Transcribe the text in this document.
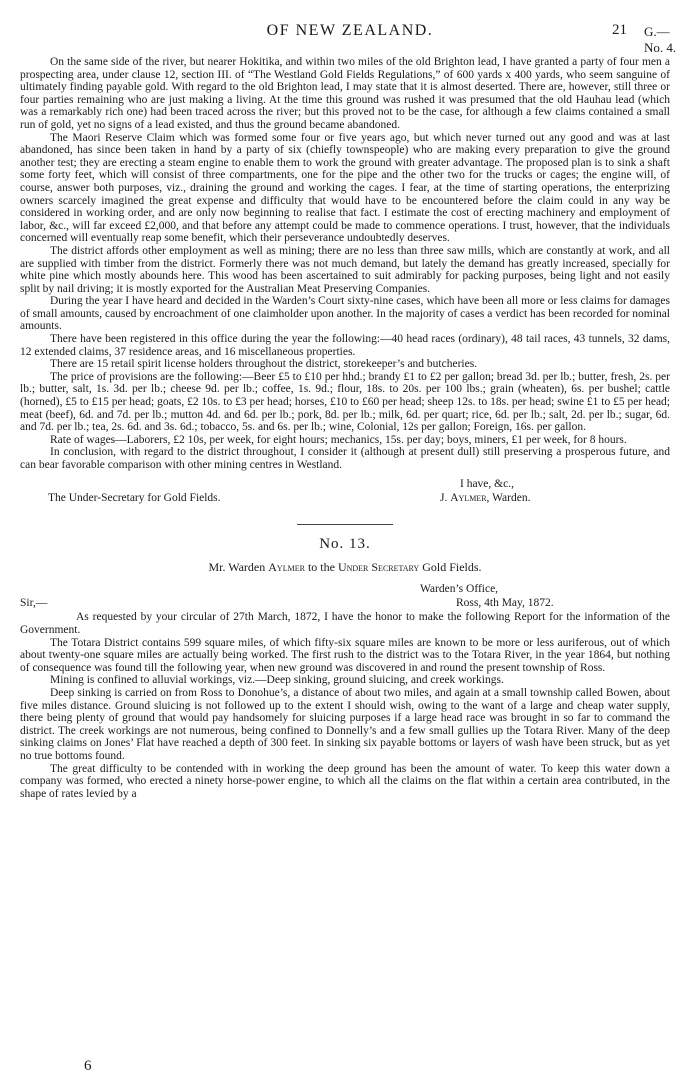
OF NEW ZEALAND.	21 G.—No. 4.

On the same side of the river, but nearer Hokitika, and within two miles of the old Brighton lead, I have granted a party of four men a prospecting area, under clause 12, section III. of “The Westland Gold Fields Regulations,” of 600 yards x 400 yards, who seem sanguine of ultimately finding payable gold. With regard to the old Brighton lead, I may state that it is almost deserted. There are, however, still three or four parties remaining who are just making a living. At the time this ground was rushed it was presumed that the old Hauhau lead (which was a remarkably rich one) had been traced across the river; but this proved not to be the case, for although a few claims contained a small run of gold, yet no signs of a lead existed, and thus the ground became abandoned.

The Maori Reserve Claim which was formed some four or five years ago, but which never turned out any good and was at last abandoned, has since been taken in hand by a party of six (chiefly townspeople) who are making every preparation to give the ground another test; they are erecting a steam engine to enable them to work the ground with greater advantage. The proposed plan is to sink a shaft some forty feet, which will consist of three compartments, one for the pipe and the other two for the trucks or cages; the engine will, of course, answer both purposes, viz., draining the ground and working the cages. I fear, at the time of starting operations, the enterprizing owners scarcely imagined the great expense and difficulty that would have to be encountered before the claim could in any way be considered in working order, and are only now beginning to realise that fact. I estimate the cost of erecting machinery and employment of labor, &c., will far exceed £2,000, and that before any attempt could be made to commence operations. I trust, however, that the individuals concerned will eventually reap some benefit, which their perseverance undoubtedly deserves.

The district affords other employment as well as mining; there are no less than three saw mills, which are constantly at work, and all are supplied with timber from the district. Formerly there was not much demand, but lately the demand has greatly increased, specially for white pine which mostly abounds here. This wood has been ascertained to suit admirably for packing purposes, being light and not easily split by nail driving; it is mostly exported for the Australian Meat Preserving Companies.

During the year I have heard and decided in the Warden’s Court sixty-nine cases, which have been all more or less claims for damages of small amounts, caused by encroachment of one claimholder upon another. In the majority of cases a verdict has been recorded for nominal amounts.

There have been registered in this office during the year the following:—40 head races (ordinary), 48 tail races, 43 tunnels, 32 dams, 12 extended claims, 37 residence areas, and 16 miscellaneous properties.

There are 15 retail spirit license holders throughout the district, storekeeper’s and butcheries.

The price of provisions are the following:—Beer £5 to £10 per hhd.; brandy £1 to £2 per gallon; bread 3d. per lb.; butter, fresh, 2s. per lb.; butter, salt, 1s. 3d. per lb.; cheese 9d. per lb.; coffee, 1s. 9d.; flour, 18s. to 20s. per 100 lbs.; grain (wheaten), 6s. per bushel; cattle (horned), £5 to £15 per head; goats, £2 10s. to £3 per head; horses, £10 to £60 per head; sheep 12s. to 18s. per head; swine £1 to £5 per head; meat (beef), 6d. and 7d. per lb.; mutton 4d. and 6d. per lb.; pork, 8d. per lb.; milk, 6d. per quart; rice, 6d. per lb.; salt, 2d. per lb.; sugar, 6d. and 7d. per lb.; tea, 2s. 6d. and 3s. 6d.; tobacco, 5s. and 6s. per lb.; wine, Colonial, 12s per gallon; Foreign, 16s. per gallon.

Rate of wages—Laborers, £2 10s, per week, for eight hours; mechanics, 15s. per day; boys, miners, £1 per week, for 8 hours.

In conclusion, with regard to the district throughout, I consider it (although at present dull) still preserving a prosperous future, and can bear favorable comparison with other mining centres in Westland.

I have, &c.,
The Under-Secretary for Gold Fields.	J. Aylmer, Warden.
No. 13.
Mr. Warden Aylmer to the Under Secretary Gold Fields.
Warden’s Office,
Sir,—	Ross, 4th May, 1872.

As requested by your circular of 27th March, 1872, I have the honor to make the following Report for the information of the Government.

The Totara District contains 599 square miles, of which fifty-six square miles are known to be more or less auriferous, out of which about twenty-one square miles are actually being worked. The first rush to the district was to the Totara River, in the year 1864, but nothing of consequence was found till the following year, when new ground was discovered in and round the present township of Ross.

Mining is confined to alluvial workings, viz.—Deep sinking, ground sluicing, and creek workings.

Deep sinking is carried on from Ross to Donohue’s, a distance of about two miles, and again at a small township called Bowen, about five miles distance. Ground sluicing is not followed up to the extent I should wish, owing to the want of a large and cheap water supply, there being plenty of ground that would pay handsomely for sluicing purposes if a large head race was brought in so far to command the district. The creek workings are not numerous, being confined to Donnelly’s and a few small gullies up the Totara River. Many of the deep sinking claims on Jones’ Flat have reached a depth of 300 feet. In sinking six payable bottoms or layers of wash have been struck, but as yet no true bottoms found.

The great difficulty to be contended with in working the deep ground has been the amount of water. To keep this water down a company was formed, who erected a ninety horse-power engine, to which all the claims on the flat within a certain area contributed, in the shape of rates levied by a

6
